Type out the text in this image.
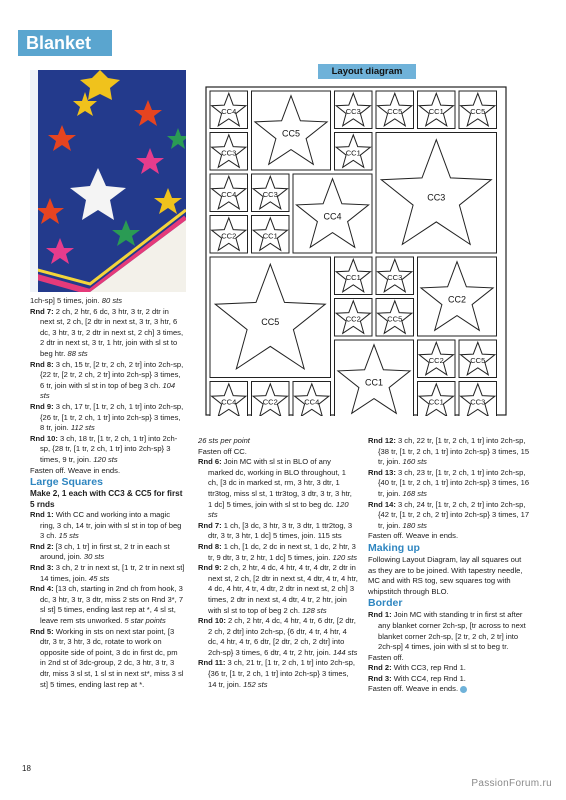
Blanket
Layout diagram
CC4
CC5
CC3	CC5	CC1	CC5
CC3	CC1
CC3
CC4	CC3
CC4
CC2	CC1
CC1	CC3
CC5
CC2
CC2	CC5
CC1
CC2	CC5
CC1
CC4	CC2	CC4	CC3

1ch-sp] 5 times, join. 80 sts

Rnd 7: 2 ch, 2 htr, 6 dc, 3 htr, 3 tr, 2 dtr in next st, 2 ch, [2 dtr in next st, 3 tr, 3 htr, 6 dc, 3 htr, 3 tr, 2 dtr in next st, 2 ch] 3 times, 2 dtr in next st, 3 tr, 1 htr, join with sl st to beg htr. 88 sts

Rnd 8: 3 ch, 15 tr, [2 tr, 2 ch, 2 tr] into 2ch-sp, {22 tr, [2 tr, 2 ch, 2 tr] into 2ch-sp} 3 times, 6 tr, join with sl st in top of beg 3 ch. 104 sts

Rnd 9: 3 ch, 17 tr, [1 tr, 2 ch, 1 tr] into 2ch-sp, {26 tr, [1 tr, 2 ch, 1 tr] into 2ch-sp} 3 times, 8 tr, join. 112 sts

Rnd 10: 3 ch, 18 tr, [1 tr, 2 ch, 1 tr] into 2ch-sp, {28 tr, [1 tr, 2 ch, 1 tr] into 2ch-sp} 3 times, 9 tr, join. 120 sts

Fasten off. Weave in ends.

Large Squares

Make 2, 1 each with CC3 & CC5 for first 5 rnds

Rnd 1: With CC and working into a magic ring, 3 ch, 14 tr, join with sl st in top of beg 3 ch. 15 sts

Rnd 2: [3 ch, 1 tr] in first st, 2 tr in each st around, join. 30 sts

Rnd 3: 3 ch, 2 tr in next st, [1 tr, 2 tr in next st] 14 times, join. 45 sts

Rnd 4: [13 ch, starting in 2nd ch from hook, 3 dc, 3 htr, 3 tr, 3 dtr, miss 2 sts on Rnd 3*, 7 sl st] 5 times, ending last rep at *, 4 sl st, leave rem sts unworked. 5 star points

Rnd 5: Working in sts on next star point, [3 dtr, 3 tr, 3 htr, 3 dc, rotate to work on opposite side of point, 3 dc in first dc, pm in 2nd st of 3dc-group, 2 dc, 3 htr, 3 tr, 3 dtr, miss 3 sl st, 1 sl st in next st*, miss 3 sl st] 5 times, ending last rep at *.

26 sts per point

Fasten off CC.

Rnd 6: Join MC with sl st in BLO of any marked dc, working in BLO throughout, 1 ch, [3 dc in marked st, rm, 3 htr, 3 dtr, 1 ttr3tog, miss sl st, 1 ttr3tog, 3 dtr, 3 tr, 3 htr, 1 dc] 5 times, join with sl st to beg dc. 120 sts

Rnd 7: 1 ch, [3 dc, 3 htr, 3 tr, 3 dtr, 1 ttr2tog, 3 dtr, 3 tr, 3 htr, 1 dc] 5 times, join. 115 sts

Rnd 8: 1 ch, [1 dc, 2 dc in next st, 1 dc, 2 htr, 3 tr, 9 dtr, 3 tr, 2 htr, 1 dc] 5 times, join. 120 sts

Rnd 9: 2 ch, 2 htr, 4 dc, 4 htr, 4 tr, 4 dtr, 2 dtr in next st, 2 ch, [2 dtr in next st, 4 dtr, 4 tr, 4 htr, 4 dc, 4 htr, 4 tr, 4 dtr, 2 dtr in next st, 2 ch] 3 times, 2 dtr in next st, 4 dtr, 4 tr, 2 htr, join with sl st to top of beg 2 ch. 128 sts

Rnd 10: 2 ch, 2 htr, 4 dc, 4 htr, 4 tr, 6 dtr, [2 dtr, 2 ch, 2 dtr] into 2ch-sp, {6 dtr, 4 tr, 4 htr, 4 dc, 4 htr, 4 tr, 6 dtr, [2 dtr, 2 ch, 2 dtr] into 2ch-sp} 3 times, 6 dtr, 4 tr, 2 htr, join. 144 sts

Rnd 11: 3 ch, 21 tr, [1 tr, 2 ch, 1 tr] into 2ch-sp, {36 tr, [1 tr, 2 ch, 1 tr] into 2ch-sp} 3 times, 14 tr, join. 152 sts

Rnd 12: 3 ch, 22 tr, [1 tr, 2 ch, 1 tr] into 2ch-sp, {38 tr, [1 tr, 2 ch, 1 tr] into 2ch-sp} 3 times, 15 tr, join. 160 sts

Rnd 13: 3 ch, 23 tr, [1 tr, 2 ch, 1 tr] into 2ch-sp, {40 tr, [1 tr, 2 ch, 1 tr] into 2ch-sp} 3 times, 16 tr, join. 168 sts

Rnd 14: 3 ch, 24 tr, [1 tr, 2 ch, 2 tr] into 2ch-sp, {42 tr, [1 tr, 2 ch, 2 tr] into 2ch-sp} 3 times, 17 tr, join. 180 sts

Fasten off. Weave in ends.

Making up

Following Layout Diagram, lay all squares out as they are to be joined. With tapestry needle, MC and with RS tog, sew squares tog with whipstitch through BLO.

Border

Rnd 1: Join MC with standing tr in first st after any blanket corner 2ch-sp, [tr across to next blanket corner 2ch-sp, [2 tr, 2 ch, 2 tr] into 2ch-sp] 4 times, join with sl st to beg tr.

Fasten off.

Rnd 2: With CC3, rep Rnd 1.

Rnd 3: With CC4, rep Rnd 1.

Fasten off. Weave in ends.

18
PassionForum.ru
